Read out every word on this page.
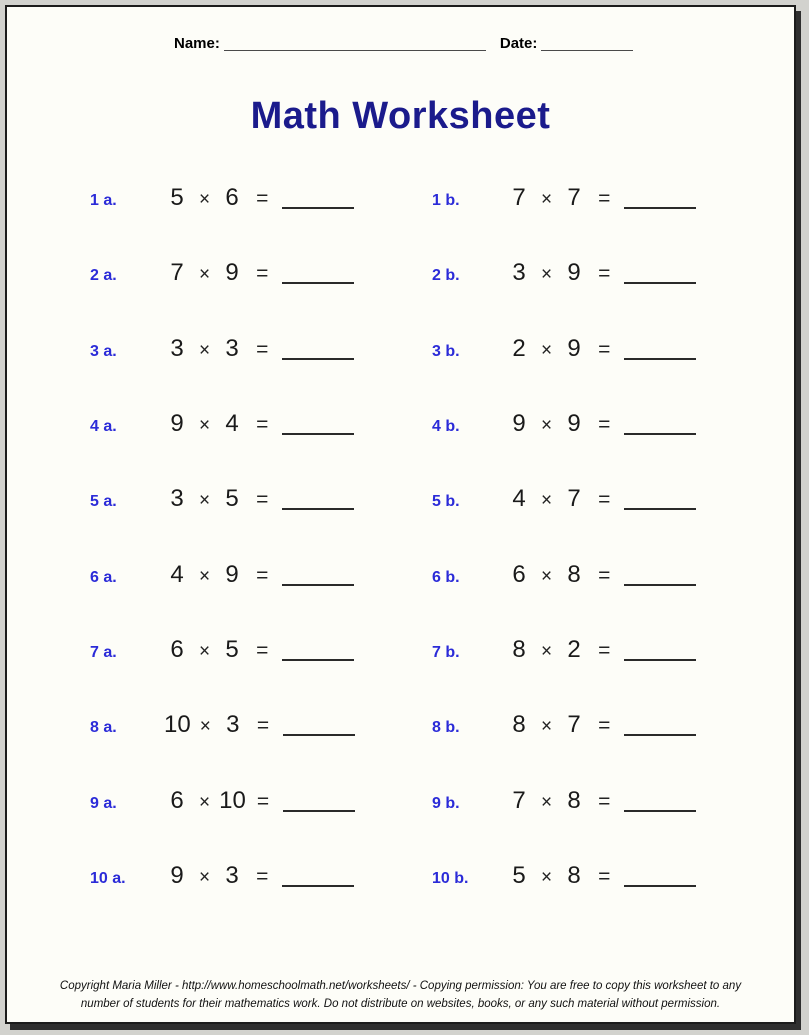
Name:	Date:
Math Worksheet
1 a.	5 × 6 =	1 b.	7 × 7 =
2 a.	7 × 9 =	2 b.	3 × 9 =
3 a.	3 × 3 =	3 b.	2 × 9 =
4 a.	9 × 4 =	4 b.	9 × 9 =
5 a.	3 × 5 =	5 b.	4 × 7 =
6 a.	4 × 9 =	6 b.	6 × 8 =
7 a.	6 × 5 =	7 b.	8 × 2 =
8 a.	10 × 3 =	8 b.	8 × 7 =
9 a.	6 × 10 =	9 b.	7 × 8 =
10 a.	9 × 3 =	10 b.	5 × 8 =
Copyright Maria Miller - http://www.homeschoolmath.net/worksheets/ - Copying permission: You are free to copy this worksheet to any
number of students for their mathematics work. Do not distribute on websites, books, or any such material without permission.
